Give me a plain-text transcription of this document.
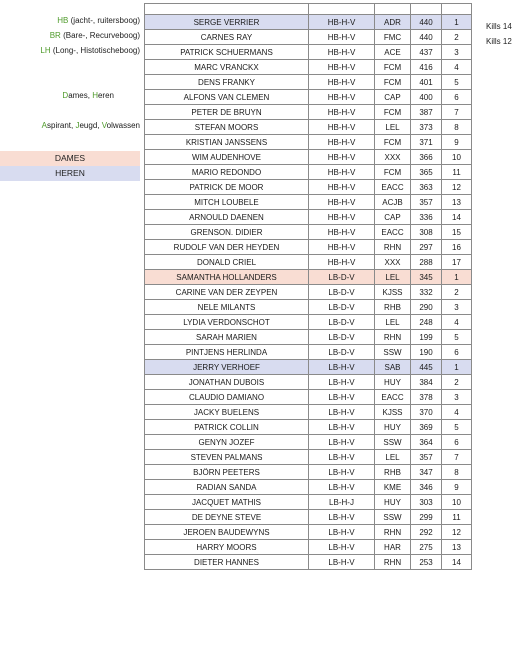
HB (jacht-, ruitersboog)
BR (Bare-, Recurveboog)
LH (Long-, Histotischeboog)
Dames, Heren
Aspirant, Jeugd, Volwassen
DAMES
HEREN

SERGE VERRIER	HB-H-V	ADR	440	1
CARNES RAY	HB-H-V	FMC	440	2
PATRICK SCHUERMANS	HB-H-V	ACE	437	3
MARC VRANCKX	HB-H-V	FCM	416	4
DENS FRANKY	HB-H-V	FCM	401	5
ALFONS VAN CLEMEN	HB-H-V	CAP	400	6
PETER DE BRUYN	HB-H-V	FCM	387	7
STEFAN MOORS	HB-H-V	LEL	373	8
KRISTIAN JANSSENS	HB-H-V	FCM	371	9
WIM AUDENHOVE	HB-H-V	XXX	366	10
MARIO REDONDO	HB-H-V	FCM	365	11
PATRICK DE MOOR	HB-H-V	EACC	363	12
MITCH LOUBELE	HB-H-V	ACJB	357	13
ARNOULD DAENEN	HB-H-V	CAP	336	14
GRENSON. DIDIER	HB-H-V	EACC	308	15
RUDOLF VAN DER HEYDEN	HB-H-V	RHN	297	16
DONALD CRIEL	HB-H-V	XXX	288	17
SAMANTHA HOLLANDERS	LB-D-V	LEL	345	1
CARINE VAN DER ZEYPEN	LB-D-V	KJSS	332	2
NELE MILANTS	LB-D-V	RHB	290	3
LYDIA VERDONSCHOT	LB-D-V	LEL	248	4
SARAH MARIEN	LB-D-V	RHN	199	5
PINTJENS HERLINDA	LB-D-V	SSW	190	6
JERRY VERHOEF	LB-H-V	SAB	445	1
JONATHAN DUBOIS	LB-H-V	HUY	384	2
CLAUDIO DAMIANO	LB-H-V	EACC	378	3
JACKY BUELENS	LB-H-V	KJSS	370	4
PATRICK COLLIN	LB-H-V	HUY	369	5
GENYN JOZEF	LB-H-V	SSW	364	6
STEVEN PALMANS	LB-H-V	LEL	357	7
BJÖRN PEETERS	LB-H-V	RHB	347	8
RADIAN SANDA	LB-H-V	KME	346	9
JACQUET MATHIS	LB-H-J	HUY	303	10
DE DEYNE STEVE	LB-H-V	SSW	299	11
JEROEN BAUDEWYNS	LB-H-V	RHN	292	12
HARRY MOORS	LB-H-V	HAR	275	13
DIETER HANNES	LB-H-V	RHN	253	14
Kills 14
Kills 12
